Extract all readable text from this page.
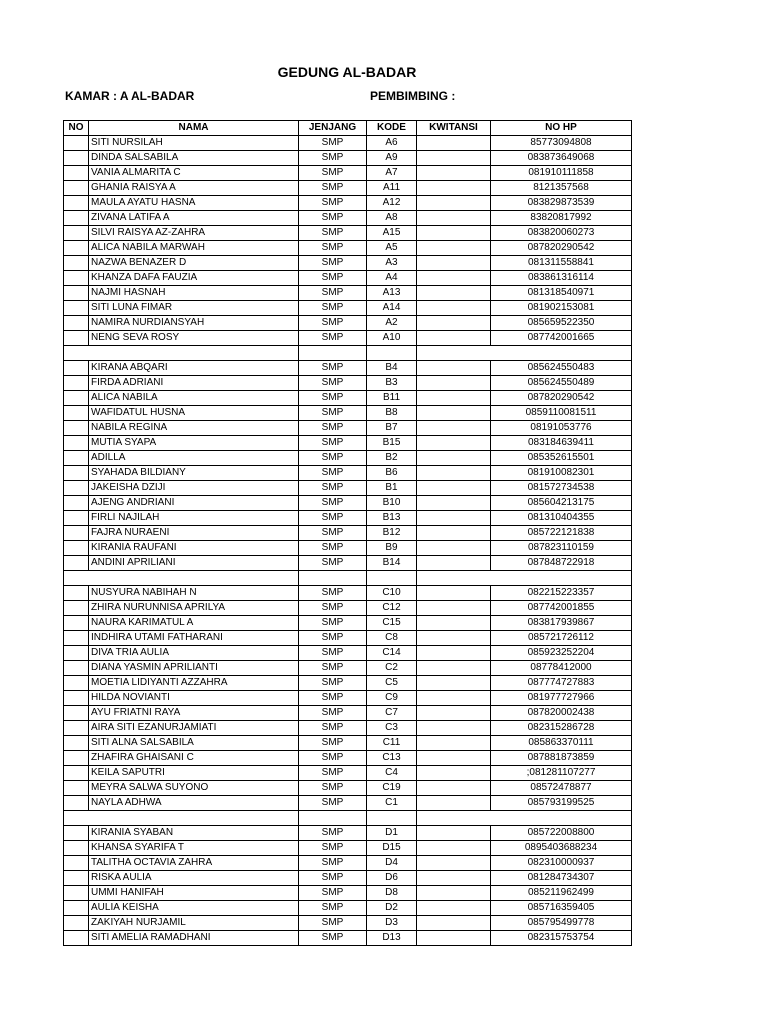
GEDUNG AL-BADAR
KAMAR : A AL-BADAR	PEMBIMBING :
NO	NAMA	JENJANG	KODE	KWITANSI	NO HP
	SITI NURSILAH	SMP	A6		85773094808
	DINDA SALSABILA	SMP	A9		083873649068
	VANIA ALMARITA C	SMP	A7		081910111858
	GHANIA RAISYA A	SMP	A11		8121357568
	MAULA AYATU HASNA	SMP	A12		083829873539
	ZIVANA LATIFA A	SMP	A8		83820817992
	SILVI RAISYA AZ-ZAHRA	SMP	A15		083820060273
	ALICA NABILA MARWAH	SMP	A5		087820290542
	NAZWA BENAZER D	SMP	A3		081311558841
	KHANZA DAFA FAUZIA	SMP	A4		083861316114
	NAJMI HASNAH	SMP	A13		081318540971
	SITI LUNA FIMAR	SMP	A14		081902153081
	NAMIRA NURDIANSYAH	SMP	A2		085659522350
	NENG SEVA ROSY	SMP	A10		087742001665

	KIRANA ABQARI	SMP	B4		085624550483
	FIRDA ADRIANI	SMP	B3		085624550489
	ALICA NABILA	SMP	B11		087820290542
	WAFIDATUL HUSNA	SMP	B8		0859110081511
	NABILA REGINA	SMP	B7		08191053776
	MUTIA SYAPA	SMP	B15		083184639411
	ADILLA	SMP	B2		085352615501
	SYAHADA BILDIANY	SMP	B6		081910082301
	JAKEISHA DZIJI	SMP	B1		081572734538
	AJENG ANDRIANI	SMP	B10		085604213175
	FIRLI NAJILAH	SMP	B13		081310404355
	FAJRA NURAENI	SMP	B12		085722121838
	KIRANIA RAUFANI	SMP	B9		087823110159
	ANDINI APRILIANI	SMP	B14		087848722918

	NUSYURA NABIHAH N	SMP	C10		082215223357
	ZHIRA NURUNNISA APRILYA	SMP	C12		087742001855
	NAURA KARIMATUL A	SMP	C15		083817939867
	INDHIRA UTAMI FATHARANI	SMP	C8		085721726112
	DIVA TRIA AULIA	SMP	C14		085923252204
	DIANA YASMIN APRILIANTI	SMP	C2		08778412000
	MOETIA LIDIYANTI AZZAHRA	SMP	C5		087774727883
	HILDA NOVIANTI	SMP	C9		081977727966
	AYU FRIATNI RAYA	SMP	C7		087820002438
	AIRA SITI EZANURJAMIATI	SMP	C3		082315286728
	SITI ALNA SALSABILA	SMP	C11		085863370111
	ZHAFIRA GHAISANI C	SMP	C13		087881873859
	KEILA SAPUTRI	SMP	C4		;081281107277
	MEYRA SALWA SUYONO	SMP	C19		08572478877
	NAYLA ADHWA	SMP	C1		085793199525

	KIRANIA SYABAN	SMP	D1		085722008800
	KHANSA SYARIFA T	SMP	D15		0895403688234
	TALITHA OCTAVIA ZAHRA	SMP	D4		082310000937
	RISKA AULIA	SMP	D6		081284734307
	UMMI HANIFAH	SMP	D8		085211962499
	AULIA KEISHA	SMP	D2		085716359405
	ZAKIYAH NURJAMIL	SMP	D3		085795499778
	SITI AMELIA RAMADHANI	SMP	D13		082315753754
